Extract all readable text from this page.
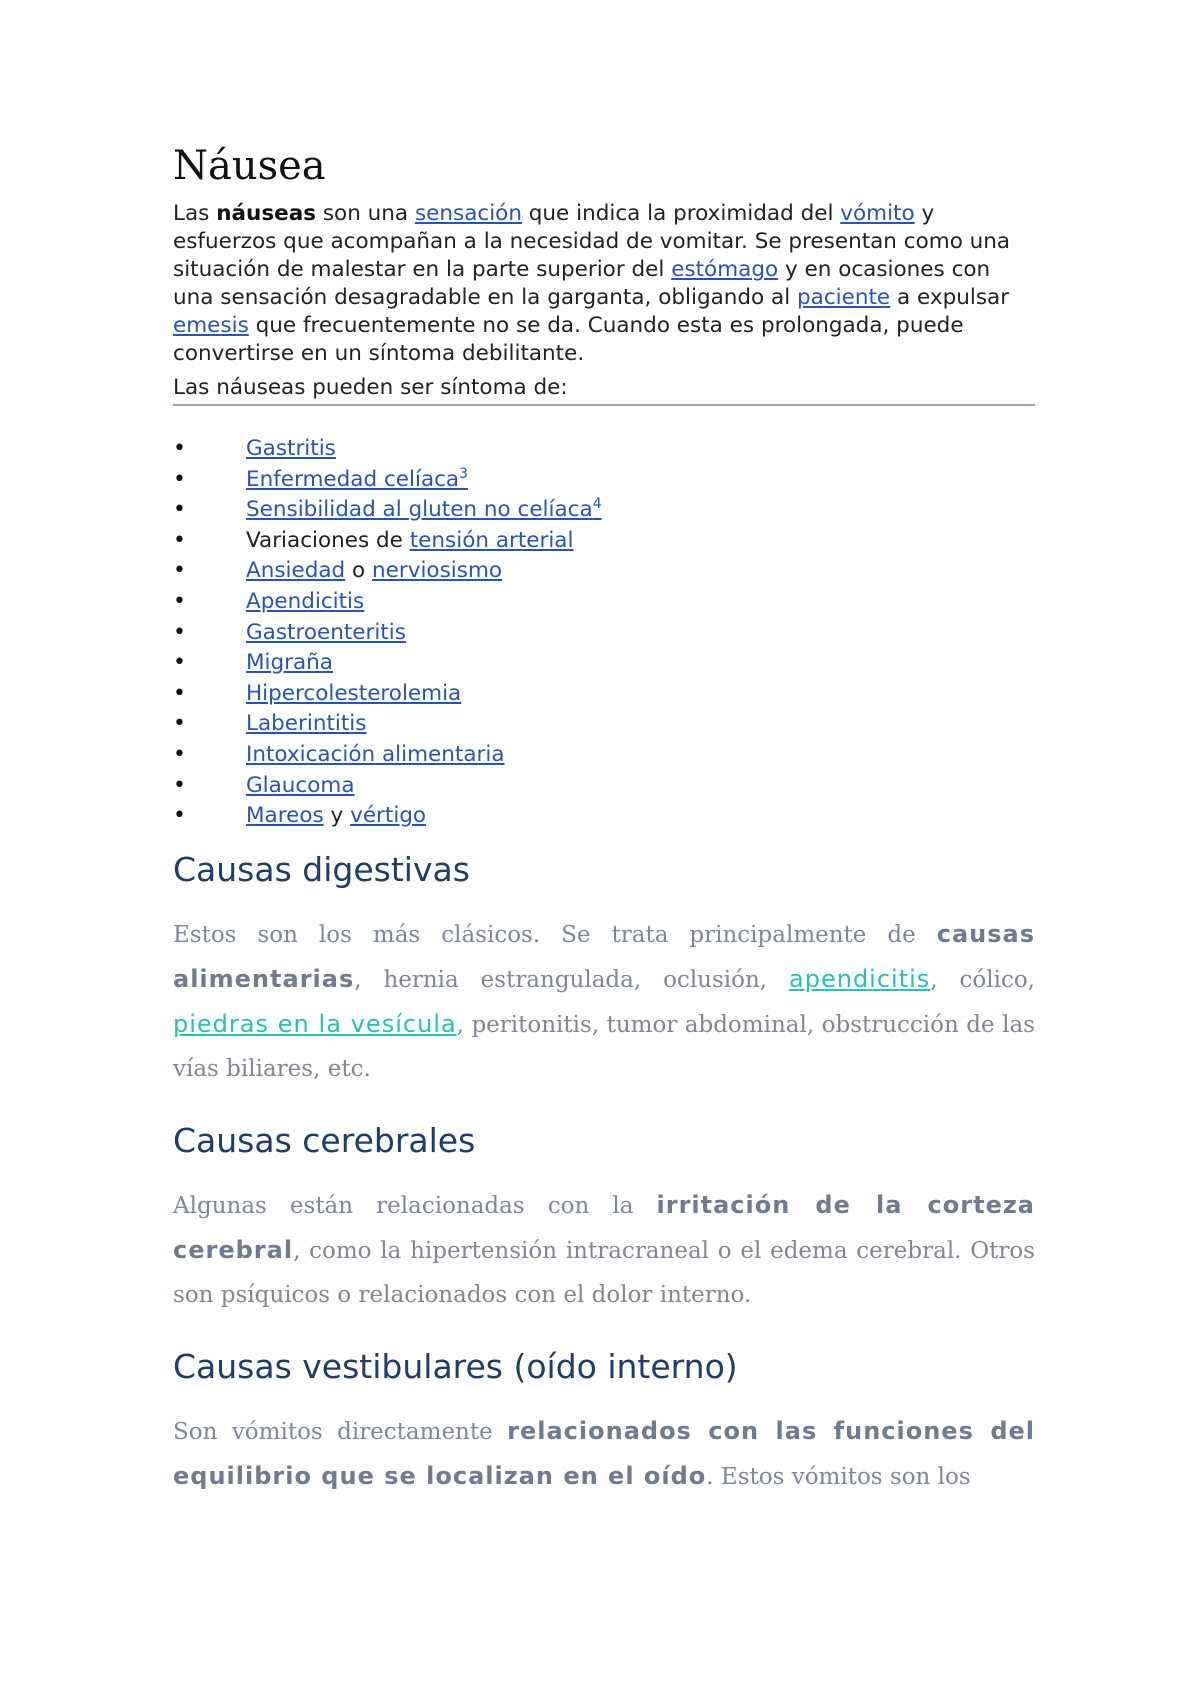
Náusea

Las náuseas son una sensación que indica la proximidad del vómito y esfuerzos que acompañan a la necesidad de vomitar. Se presentan como una situación de malestar en la parte superior del estómago y en ocasiones con una sensación desagradable en la garganta, obligando al paciente a expulsar emesis que frecuentemente no se da. Cuando esta es prolongada, puede convertirse en un síntoma debilitante.

Las náuseas pueden ser síntoma de:

•	Gastritis
•	Enfermedad celíaca$^3$
•	Sensibilidad al gluten no celíaca$^4$
•	Variaciones de tensión arterial
•	Ansiedad o nerviosismo
•	Apendicitis
•	Gastroenteritis
•	Migraña
•	Hipercolesterolemia
•	Laberintitis
•	Intoxicación alimentaria
•	Glaucoma
•	Mareos y vértigo
Causas digestivas

Estos son los más clásicos. Se trata principalmente de causas alimentarias, hernia estrangulada, oclusión, apendicitis, cólico, piedras en la vesícula, peritonitis, tumor abdominal, obstrucción de las vías biliares, etc.

Causas cerebrales

Algunas están relacionadas con la irritación de la corteza cerebral, como la hipertensión intracraneal o el edema cerebral. Otros son psíquicos o relacionados con el dolor interno.

Causas vestibulares (oído interno)

Son vómitos directamente relacionados con las funciones del equilibrio que se localizan en el oído. Estos vómitos son los
